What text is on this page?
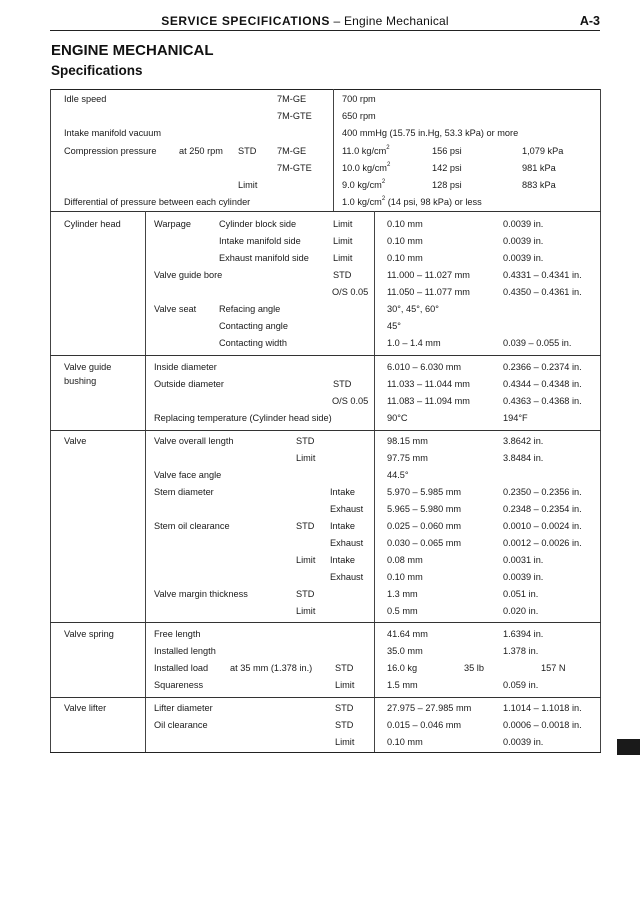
SERVICE SPECIFICATIONS – Engine Mechanical	A-3
ENGINE MECHANICAL
Specifications
Idle speed	7M-GE	700 rpm
7M-GTE	650 rpm
Intake manifold vacuum	400 mmHg (15.75 in.Hg, 53.3 kPa) or more
Compression pressure at 250 rpm STD 7M-GE	11.0 $kg/cm^2$	156 psi	1,079 kPa
7M-GTE	10.0 $kg/cm^2$	142 psi	981 kPa
Limit	9.0 $kg/cm^2$	128 psi	883 kPa
Differential of pressure between each cylinder	1.0 $kg/cm^2$ (14 psi, 98 kPa) or less
Cylinder head	Warpage	Cylinder block side	Limit	0.10 mm	0.0039 in.
Intake manifold side	Limit	0.10 mm	0.0039 in.
Exhaust manifold side	Limit	0.10 mm	0.0039 in.
Valve guide bore	STD	11.000 – 11.027 mm	0.4331 – 0.4341 in.
O/S 0.05 11.050 – 11.077 mm	0.4350 – 0.4361 in.
Valve seat Refacing angle	30°, 45°, 60°
Contacting angle	45°
Contacting width	1.0 – 1.4 mm	0.039 – 0.055 in.
Valve guide
bushing
Inside diameter	6.010 – 6.030 mm	0.2366 – 0.2374 in.
Outside diameter	STD	11.033 – 11.044 mm	0.4344 – 0.4348 in.
O/S 0.05 11.083 – 11.094 mm	0.4363 – 0.4368 in.
Replacing temperature (Cylinder head side)	90°C	194°F
Valve	Valve overall length	STD	98.15 mm	3.8642 in.
Limit	97.75 mm	3.8484 in.
Valve face angle	44.5°
Stem diameter	Intake	5.970 – 5.985 mm	0.2350 – 0.2356 in.
Exhaust	5.965 – 5.980 mm	0.2348 – 0.2354 in.
Stem oil clearance	STD Intake	0.025 – 0.060 mm	0.0010 – 0.0024 in.
Exhaust	0.030 – 0.065 mm	0.0012 – 0.0026 in.
Limit Intake	0.08 mm	0.0031 in.
Exhaust	0.10 mm	0.0039 in.
Valve margin thickness	STD	1.3 mm	0.051 in.
Limit	0.5 mm	0.020 in.
Valve spring	Free length	41.64 mm	1.6394 in.
Installed length	35.0 mm	1.378 in.
Installed load at 35 mm (1.378 in.) STD	16.0 kg	35 lb	157 N
Squareness	Limit	1.5 mm	0.059 in.
Valve lifter	Lifter diameter	STD	27.975 – 27.985 mm	1.1014 – 1.1018 in.
Oil clearance	STD	0.015 – 0.046 mm	0.0006 – 0.0018 in.
Limit	0.10 mm	0.0039 in.
